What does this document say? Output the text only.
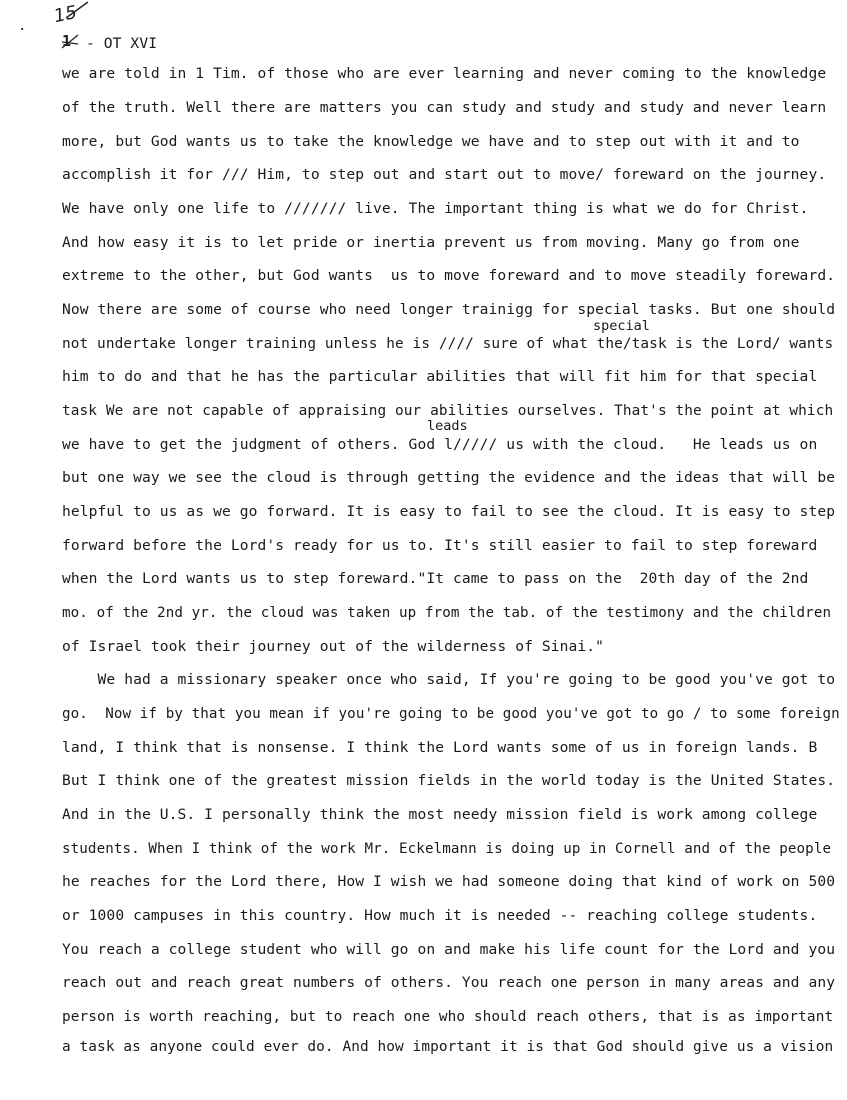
·
15
1 - OT XVI

special

leads

we are told in 1 Tim. of those who are ever learning and never coming to the knowledge

of the truth. Well there are matters you can study and study and study and never learn

more, but God wants us to take the knowledge we have and to step out with it and to

accomplish it for /// Him, to step out and start out to move/ foreward on the journey.

We have only one life to /////// live. The important thing is what we do for Christ.

And how easy it is to let pride or inertia prevent us from moving. Many go from one

extreme to the other, but God wants  us to move foreward and to move steadily foreward.

Now there are some of course who need longer trainigg for special tasks. But one should

not undertake longer training unless he is //// sure of what the/task is the Lord/ wants

him to do and that he has the particular abilities that will fit him for that special

task We are not capable of appraising our abilities ourselves. That's the point at which

we have to get the judgment of others. God l///// us with the cloud.   He leads us on

but one way we see the cloud is through getting the evidence and the ideas that will be

helpful to us as we go forward. It is easy to fail to see the cloud. It is easy to step

forward before the Lord's ready for us to. It's still easier to fail to step foreward

when the Lord wants us to step foreward."It came to pass on the  20th day of the 2nd

mo. of the 2nd yr. the cloud was taken up from the tab. of the testimony and the children

of Israel took their journey out of the wilderness of Sinai."

We had a missionary speaker once who said, If you're going to be good you've got to

go.  Now if by that you mean if you're going to be good you've got to go / to some foreign

land, I think that is nonsense. I think the Lord wants some of us in foreign lands. B

But I think one of the greatest mission fields in the world today is the United States.

And in the U.S. I personally think the most needy mission field is work among college

students. When I think of the work Mr. Eckelmann is doing up in Cornell and of the people

he reaches for the Lord there, How I wish we had someone doing that kind of work on 500

or 1000 campuses in this country. How much it is needed -- reaching college students.

You reach a college student who will go on and make his life count for the Lord and you

reach out and reach great numbers of others. You reach one person in many areas and any

person is worth reaching, but to reach one who should reach others, that is as important

a task as anyone could ever do. And how important it is that God should give us a vision
